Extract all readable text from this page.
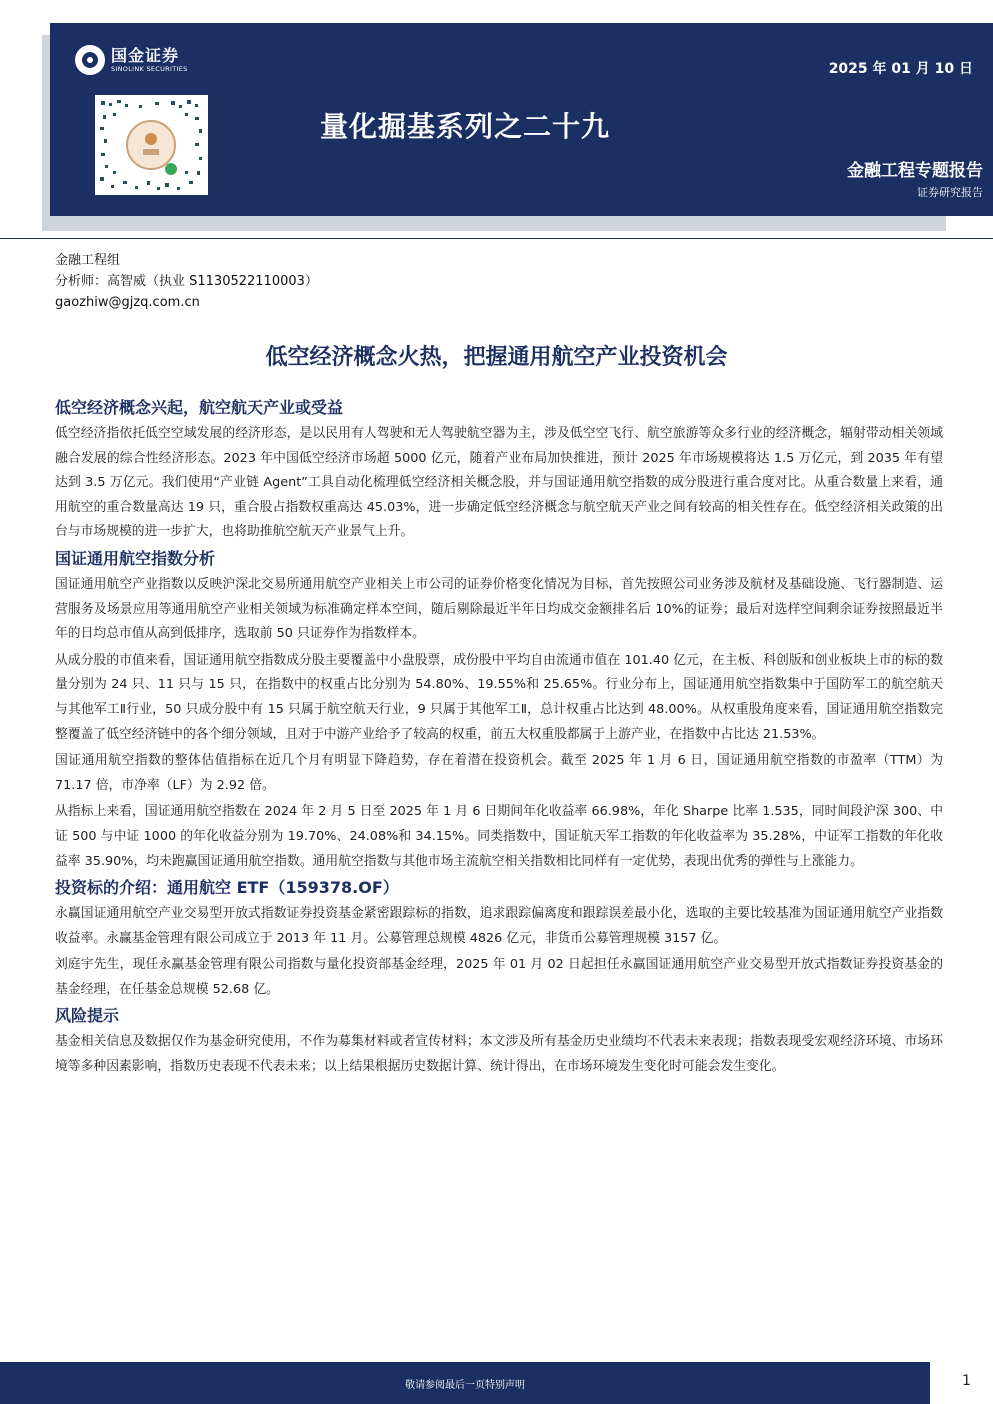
国金证券
SINOLINK SECURITIES	2025 年 01 月 10 日
量化掘基系列之二十九
金融工程专题报告
证券研究报告
金融工程组
分析师：高智威（执业 S1130522110003）
gaozhiw@gjzq.com.cn
低空经济概念火热，把握通用航空产业投资机会
低空经济概念兴起，航空航天产业或受益

低空经济指依托低空空域发展的经济形态，是以民用有人驾驶和无人驾驶航空器为主，涉及低空空飞行、航空旅游等众多行业的经济概念，辐射带动相关领域融合发展的综合性经济形态。2023 年中国低空经济市场超 5000 亿元，随着产业布局加快推进，预计 2025 年市场规模将达 1.5 万亿元，到 2035 年有望达到 3.5 万亿元。我们使用“产业链 Agent”工具自动化梳理低空经济相关概念股，并与国证通用航空指数的成分股进行重合度对比。从重合数量上来看，通用航空的重合数量高达 19 只，重合股占指数权重高达 45.03%，进一步确定低空经济概念与航空航天产业之间有较高的相关性存在。低空经济相关政策的出台与市场规模的进一步扩大，也将助推航空航天产业景气上升。

国证通用航空指数分析

国证通用航空产业指数以反映沪深北交易所通用航空产业相关上市公司的证券价格变化情况为目标，首先按照公司业务涉及航材及基础设施、飞行器制造、运营服务及场景应用等通用航空产业相关领域为标准确定样本空间，随后剔除最近半年日均成交金额排名后 10%的证券；最后对选样空间剩余证券按照最近半年的日均总市值从高到低排序，选取前 50 只证券作为指数样本。

从成分股的市值来看，国证通用航空指数成分股主要覆盖中小盘股票，成份股中平均自由流通市值在 101.40 亿元，在主板、科创版和创业板块上市的标的数量分别为 24 只、11 只与 15 只，在指数中的权重占比分别为 54.80%、19.55%和 25.65%。行业分布上，国证通用航空指数集中于国防军工的航空航天与其他军工Ⅱ行业，50 只成分股中有 15 只属于航空航天行业，9 只属于其他军工Ⅱ，总计权重占比达到 48.00%。从权重股角度来看，国证通用航空指数完整覆盖了低空经济链中的各个细分领域，且对于中游产业给予了较高的权重，前五大权重股都属于上游产业，在指数中占比达 21.53%。

国证通用航空指数的整体估值指标在近几个月有明显下降趋势，存在着潜在投资机会。截至 2025 年 1 月 6 日，国证通用航空指数的市盈率（TTM）为 71.17 倍，市净率（LF）为 2.92 倍。

从指标上来看，国证通用航空指数在 2024 年 2 月 5 日至 2025 年 1 月 6 日期间年化收益率 66.98%，年化 Sharpe 比率 1.535，同时间段沪深 300、中证 500 与中证 1000 的年化收益分别为 19.70%、24.08%和 34.15%。同类指数中，国证航天军工指数的年化收益率为 35.28%，中证军工指数的年化收益率 35.90%，均未跑赢国证通用航空指数。通用航空指数与其他市场主流航空相关指数相比同样有一定优势，表现出优秀的弹性与上涨能力。

投资标的介绍：通用航空 ETF（159378.OF）

永赢国证通用航空产业交易型开放式指数证券投资基金紧密跟踪标的指数，追求跟踪偏离度和跟踪误差最小化，选取的主要比较基准为国证通用航空产业指数收益率。永赢基金管理有限公司成立于 2013 年 11 月。公募管理总规模 4826 亿元，非货币公募管理规模 3157 亿。

刘庭宇先生，现任永赢基金管理有限公司指数与量化投资部基金经理，2025 年 01 月 02 日起担任永赢国证通用航空产业交易型开放式指数证券投资基金的基金经理，在任基金总规模 52.68 亿。

风险提示

基金相关信息及数据仅作为基金研究使用，不作为募集材料或者宣传材料；本文涉及所有基金历史业绩均不代表未来表现；指数表现受宏观经济环境、市场环境等多种因素影响，指数历史表现不代表未来；以上结果根据历史数据计算、统计得出，在市场环境发生变化时可能会发生变化。

敬请参阅最后一页特别声明	1
